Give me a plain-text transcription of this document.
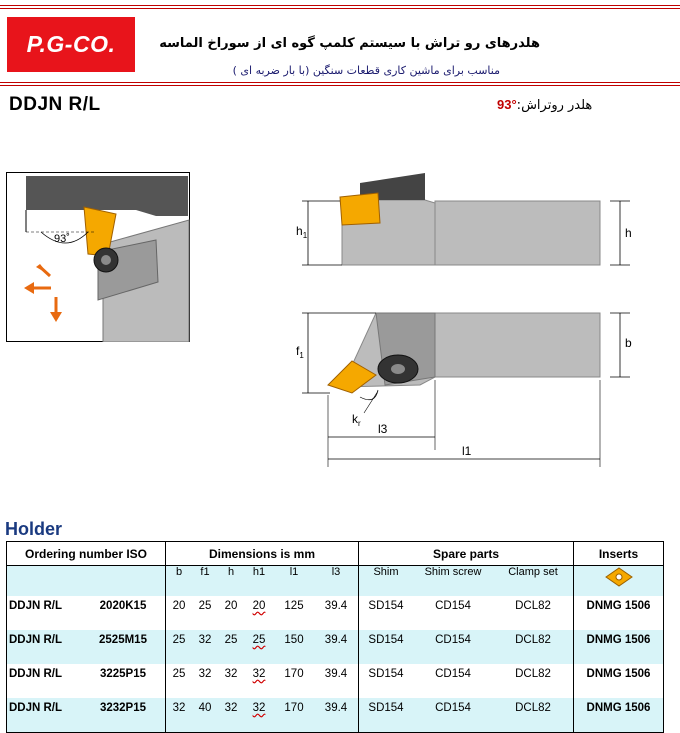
P.G-CO.	هلدرهای رو تراش با سیستم کلمپ گوه ای از سوراخ الماسه
مناسب برای ماشین کاری قطعات سنگین (با بار ضربه ای )
DDJN R/L	93°:هلدر روتراش
93˚
$h_1$	h
$f_1$
b
$k_r$ l3
l1
Holder
Ordering number ISO		Dimensions is mm						Spare parts			Inserts
		b	f1	h	h1	l1	l3	Shim	Shim screw	Clamp set	
DDJN R/L	2020K15	20	25	20	20	125	39.4	SD154	CD154	DCL82	DNMG 1506
DDJN R/L	2525M15	25	32	25	25	150	39.4	SD154	CD154	DCL82	DNMG 1506
DDJN R/L	3225P15	25	32	32	32	170	39.4	SD154	CD154	DCL82	DNMG 1506
DDJN R/L	3232P15	32	40	32	32	170	39.4	SD154	CD154	DCL82	DNMG 1506
